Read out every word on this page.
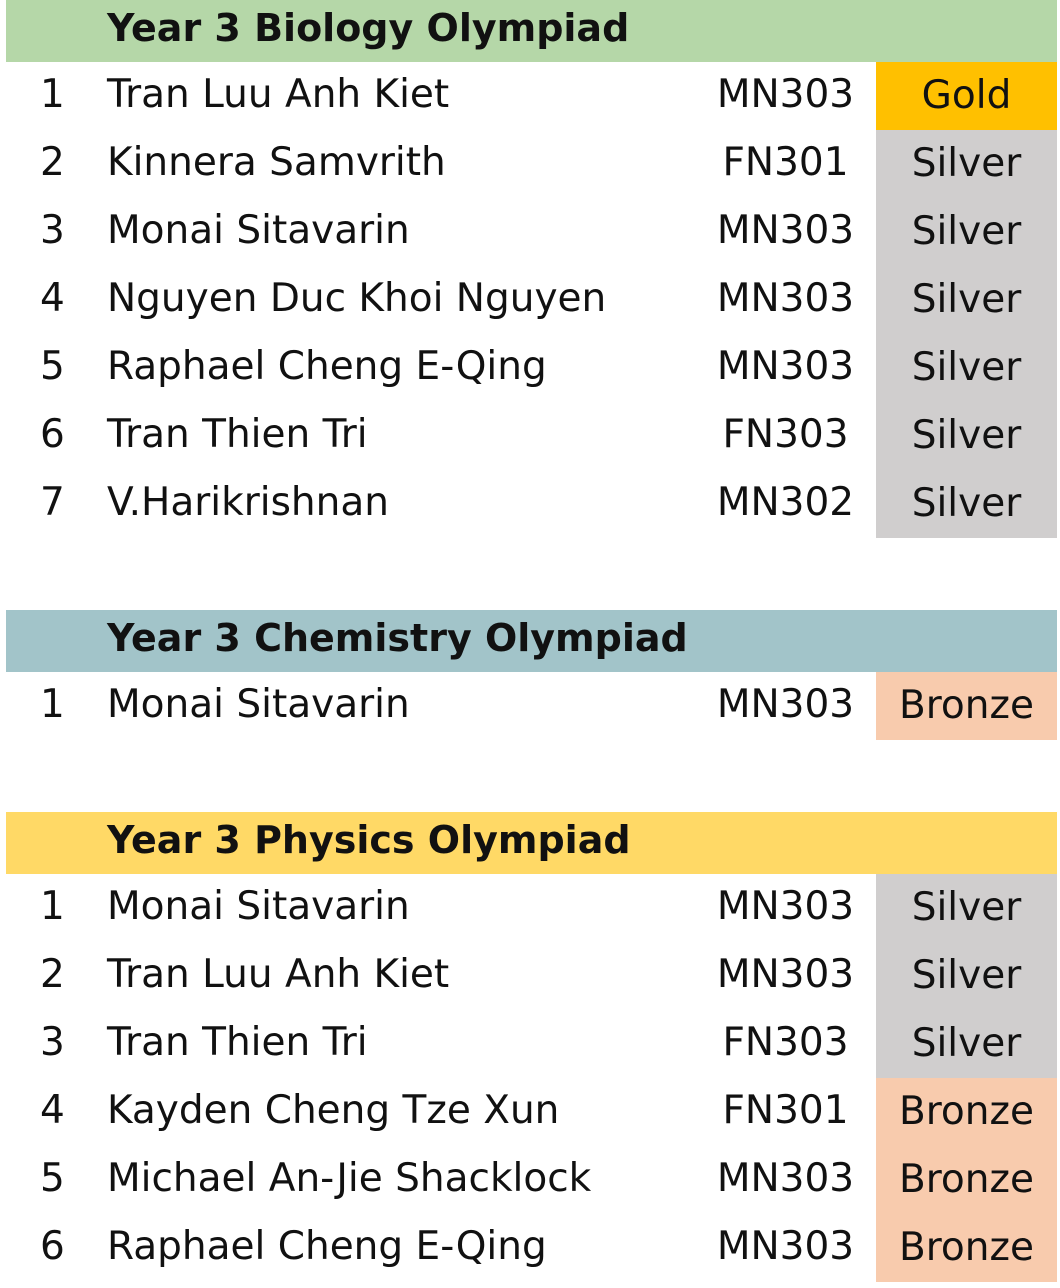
Year 3 Biology Olympiad
1 Tran Luu Anh Kiet	MN303	Gold
2 Kinnera Samvrith	FN301	Silver
3 Monai Sitavarin	MN303	Silver
4 Nguyen Duc Khoi Nguyen	MN303	Silver
5 Raphael Cheng E-Qing	MN303	Silver
6 Tran Thien Tri	FN303	Silver
7 V.Harikrishnan	MN302	Silver
Year 3 Chemistry Olympiad
1 Monai Sitavarin	MN303	Bronze
Year 3 Physics Olympiad
1 Monai Sitavarin	MN303	Silver
2 Tran Luu Anh Kiet	MN303	Silver
3 Tran Thien Tri	FN303	Silver
4 Kayden Cheng Tze Xun	FN301	Bronze
5 Michael An-Jie Shacklock	MN303	Bronze
6 Raphael Cheng E-Qing	MN303	Bronze
